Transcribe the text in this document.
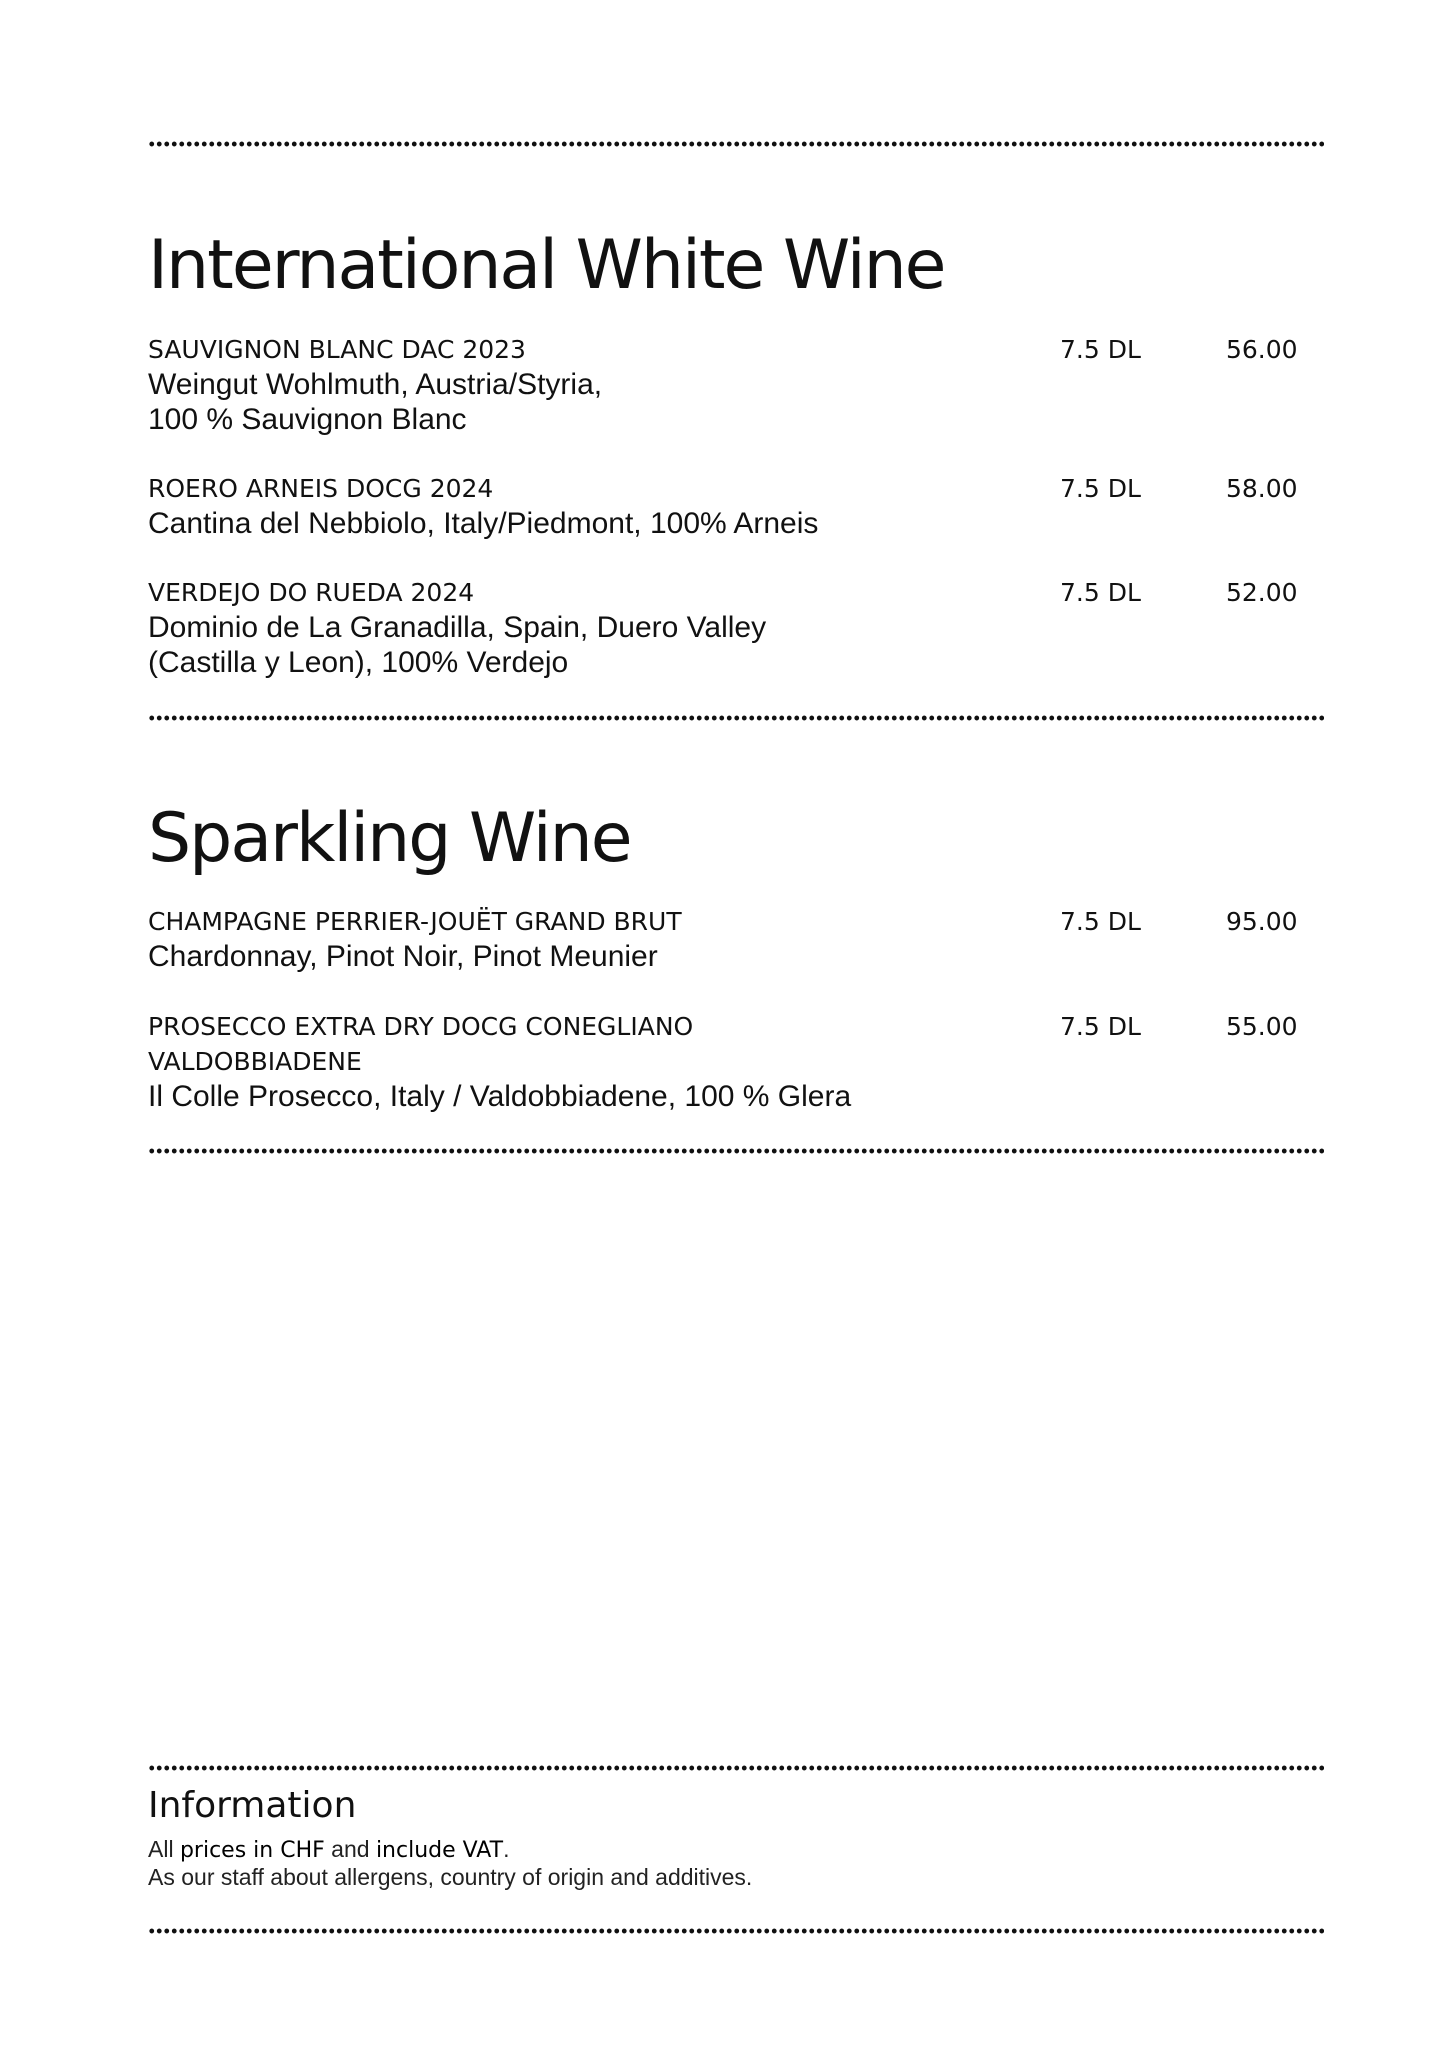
International White Wine
SAUVIGNON BLANC DAC 2023
Weingut Wohlmuth, Austria/Styria,
100 % Sauvignon Blanc
7.5 DL	56.00
ROERO ARNEIS DOCG 2024
Cantina del Nebbiolo, Italy/Piedmont, 100% Arneis
7.5 DL	58.00
VERDEJO DO RUEDA 2024
Dominio de La Granadilla, Spain, Duero Valley
(Castilla y Leon), 100% Verdejo
7.5 DL	52.00
Sparkling Wine
CHAMPAGNE PERRIER-JOUËT GRAND BRUT
Chardonnay, Pinot Noir, Pinot Meunier
7.5 DL	95.00
PROSECCO EXTRA DRY DOCG CONEGLIANO
VALDOBBIADENE
Il Colle Prosecco, Italy / Valdobbiadene, 100 % Glera
7.5 DL	55.00
Information
All prices in CHF and include VAT.
As our staff about allergens, country of origin and additives.
